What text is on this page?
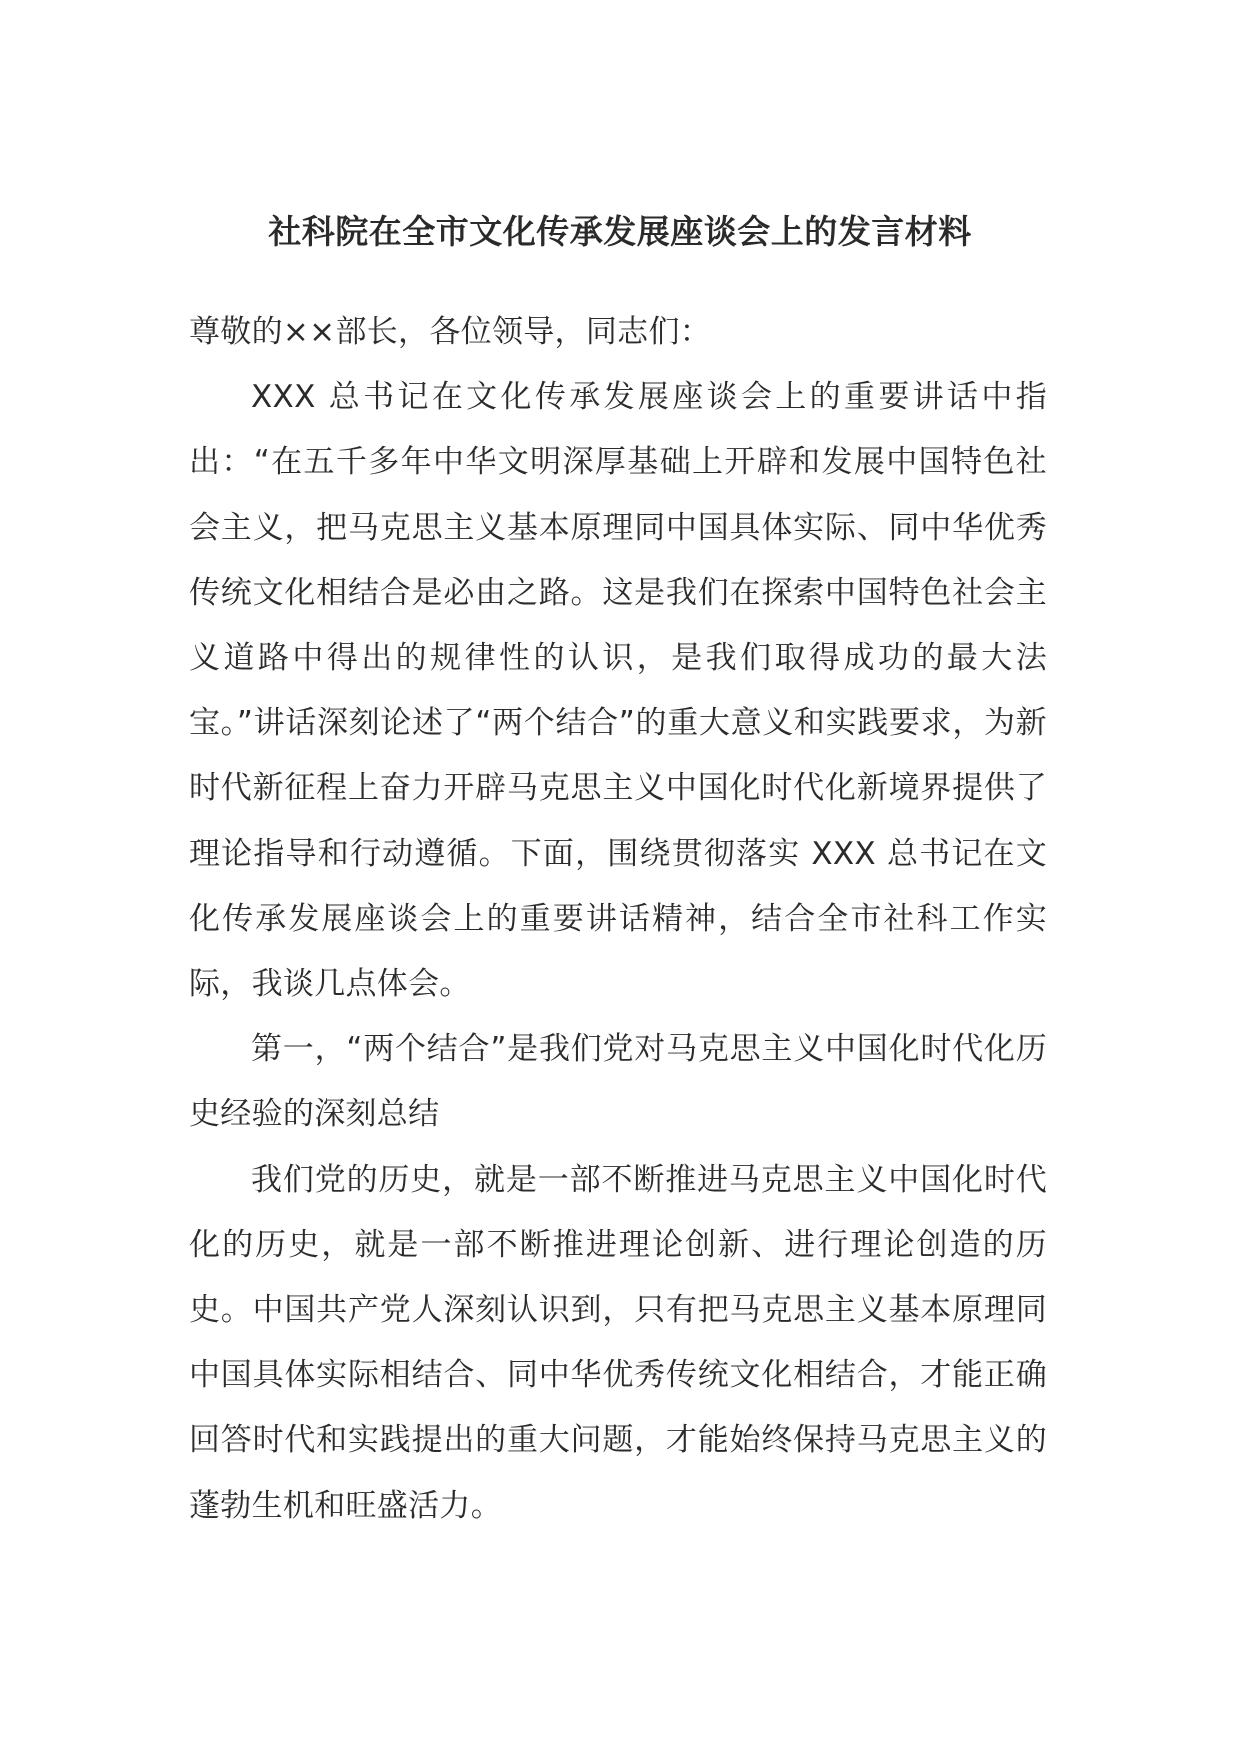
社科院在全市文化传承发展座谈会上的发言材料

尊敬的××部长，各位领导，同志们：

XXX 总书记在文化传承发展座谈会上的重要讲话中指出：“在五千多年中华文明深厚基础上开辟和发展中国特色社会主义，把马克思主义基本原理同中国具体实际、同中华优秀传统文化相结合是必由之路。这是我们在探索中国特色社会主义道路中得出的规律性的认识，是我们取得成功的最大法宝。”讲话深刻论述了“两个结合”的重大意义和实践要求，为新时代新征程上奋力开辟马克思主义中国化时代化新境界提供了理论指导和行动遵循。下面，围绕贯彻落实 XXX 总书记在文化传承发展座谈会上的重要讲话精神，结合全市社科工作实际，我谈几点体会。

第一，“两个结合”是我们党对马克思主义中国化时代化历史经验的深刻总结

我们党的历史，就是一部不断推进马克思主义中国化时代化的历史，就是一部不断推进理论创新、进行理论创造的历史。中国共产党人深刻认识到，只有把马克思主义基本原理同中国具体实际相结合、同中华优秀传统文化相结合，才能正确回答时代和实践提出的重大问题，才能始终保持马克思主义的蓬勃生机和旺盛活力。
